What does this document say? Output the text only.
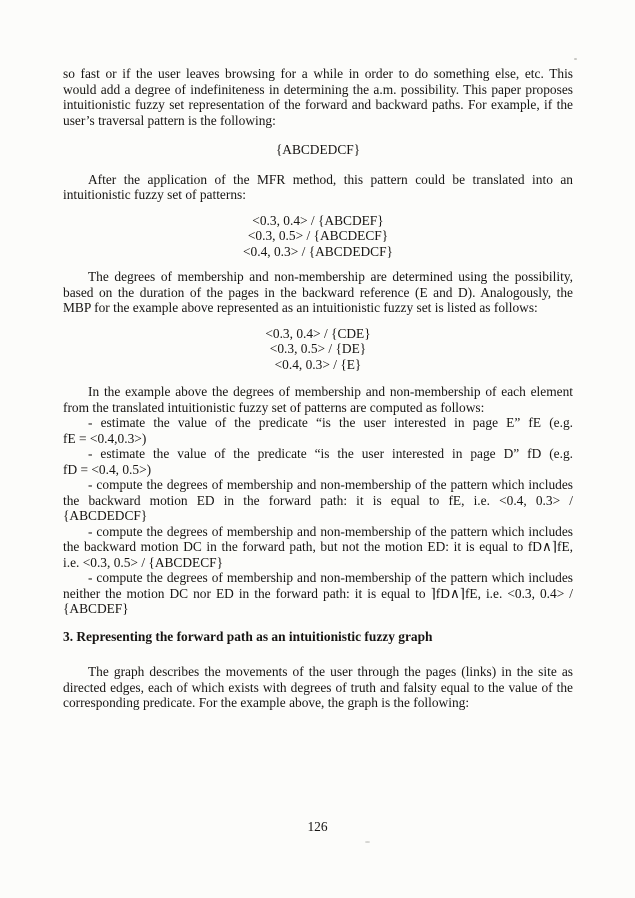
so fast or if the user leaves browsing for a while in order to do something else, etc. This
would add a degree of indefiniteness in determining the a.m. possibility. This paper proposes
intuitionistic fuzzy set representation of the forward and backward paths. For example, if the
user’s traversal pattern is the following:
{ABCDEDCF}
After the application of the MFR method, this pattern could be translated into an
intuitionistic fuzzy set of patterns:
<0.3, 0.4> / {ABCDEF}
<0.3, 0.5> / {ABCDECF}
<0.4, 0.3> / {ABCDEDCF}
The degrees of membership and non-membership are determined using the possibility,
based on the duration of the pages in the backward reference (E and D). Analogously, the
MBP for the example above represented as an intuitionistic fuzzy set is listed as follows:
<0.3, 0.4> / {CDE}
<0.3, 0.5> / {DE}
<0.4, 0.3> / {E}
In the example above the degrees of membership and non-membership of each element
from the translated intuitionistic fuzzy set of patterns are computed as follows:
- estimate the value of the predicate “is the user interested in page E” fE (e.g.
fE = <0.4,0.3>)
- estimate the value of the predicate “is the user interested in page D” fD (e.g.
fD = <0.4, 0.5>)
- compute the degrees of membership and non-membership of the pattern which includes
the backward motion ED in the forward path: it is equal to fE, i.e. <0.4, 0.3> /
{ABCDEDCF}
- compute the degrees of membership and non-membership of the pattern which includes
the backward motion DC in the forward path, but not the motion ED: it is equal to fD∧⌉fE,
i.e. <0.3, 0.5> / {ABCDECF}
- compute the degrees of membership and non-membership of the pattern which includes
neither the motion DC nor ED in the forward path: it is equal to ⌉fD∧⌉fE, i.e. <0.3, 0.4> /
{ABCDEF}
3. Representing the forward path as an intuitionistic fuzzy graph
The graph describes the movements of the user through the pages (links) in the site as
directed edges, each of which exists with degrees of truth and falsity equal to the value of the
corresponding predicate. For the example above, the graph is the following:
126
